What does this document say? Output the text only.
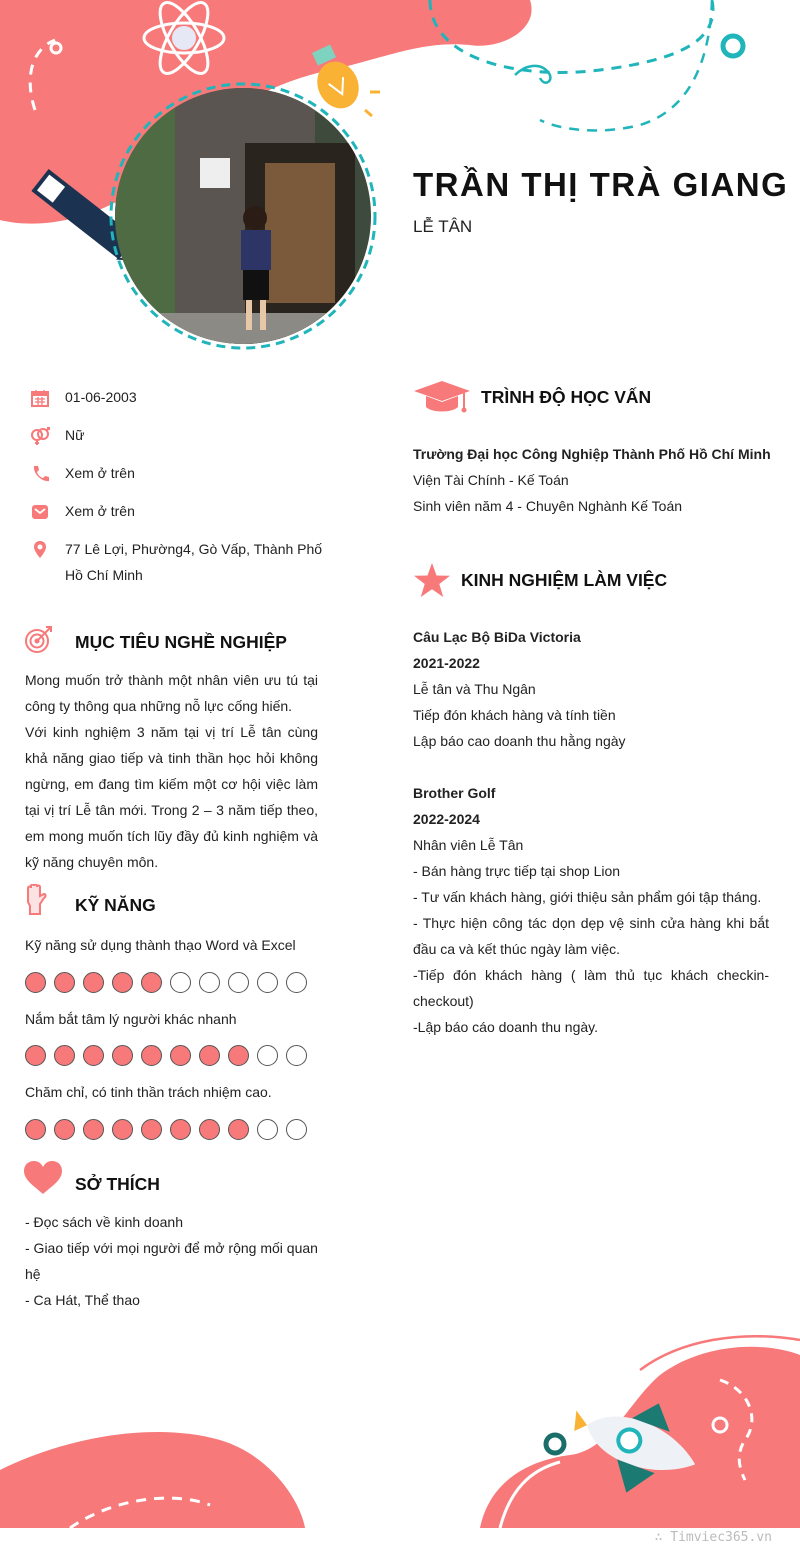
TRẦN THỊ TRÀ GIANG
LỄ TÂN
01-06-2003
Nữ
Xem ở trên
Xem ở trên
77 Lê Lợi, Phường4, Gò Vấp, Thành Phố Hồ Chí Minh
MỤC TIÊU NGHỀ NGHIỆP

Mong muốn trở thành một nhân viên ưu tú tại công ty thông qua những nỗ lực cống hiến.

Với kinh nghiệm 3 năm tại vị trí Lễ tân cùng khả năng giao tiếp và tinh thần học hỏi không ngừng, em đang tìm kiếm một cơ hội việc làm tại vị trí Lễ tân mới. Trong 2 – 3 năm tiếp theo, em mong muốn tích lũy đầy đủ kinh nghiệm và kỹ năng chuyên môn.

KỸ NĂNG
Kỹ năng sử dụng thành thạo Word và Excel
Nắm bắt tâm lý người khác nhanh
Chăm chỉ, có tinh thần trách nhiệm cao.
SỞ THÍCH
- Đọc sách về kinh doanh
- Giao tiếp với mọi người để mở rộng mối quan hệ
- Ca Hát, Thể thao
TRÌNH ĐỘ HỌC VẤN
Trường Đại học Công Nghiệp Thành Phố Hồ Chí Minh
Viện Tài Chính - Kế Toán
Sinh viên năm 4 - Chuyên Nghành Kế Toán
KINH NGHIỆM LÀM VIỆC
Câu Lạc Bộ BiDa Victoria
2021-2022
Lễ tân và Thu Ngân
Tiếp đón khách hàng và tính tiền
Lập báo cao doanh thu hằng ngày
Brother Golf
2022-2024
Nhân viên Lễ Tân
- Bán hàng trực tiếp tại shop Lion
- Tư vấn khách hàng, giới thiệu sản phẩm gói tập tháng.
- Thực hiện công tác dọn dẹp vệ sinh cửa hàng khi bắt đầu ca và kết thúc ngày làm việc.
-Tiếp đón khách hàng ( làm thủ tục khách checkin-checkout)
-Lập báo cáo doanh thu ngày.
∴ Timviec365.vn
